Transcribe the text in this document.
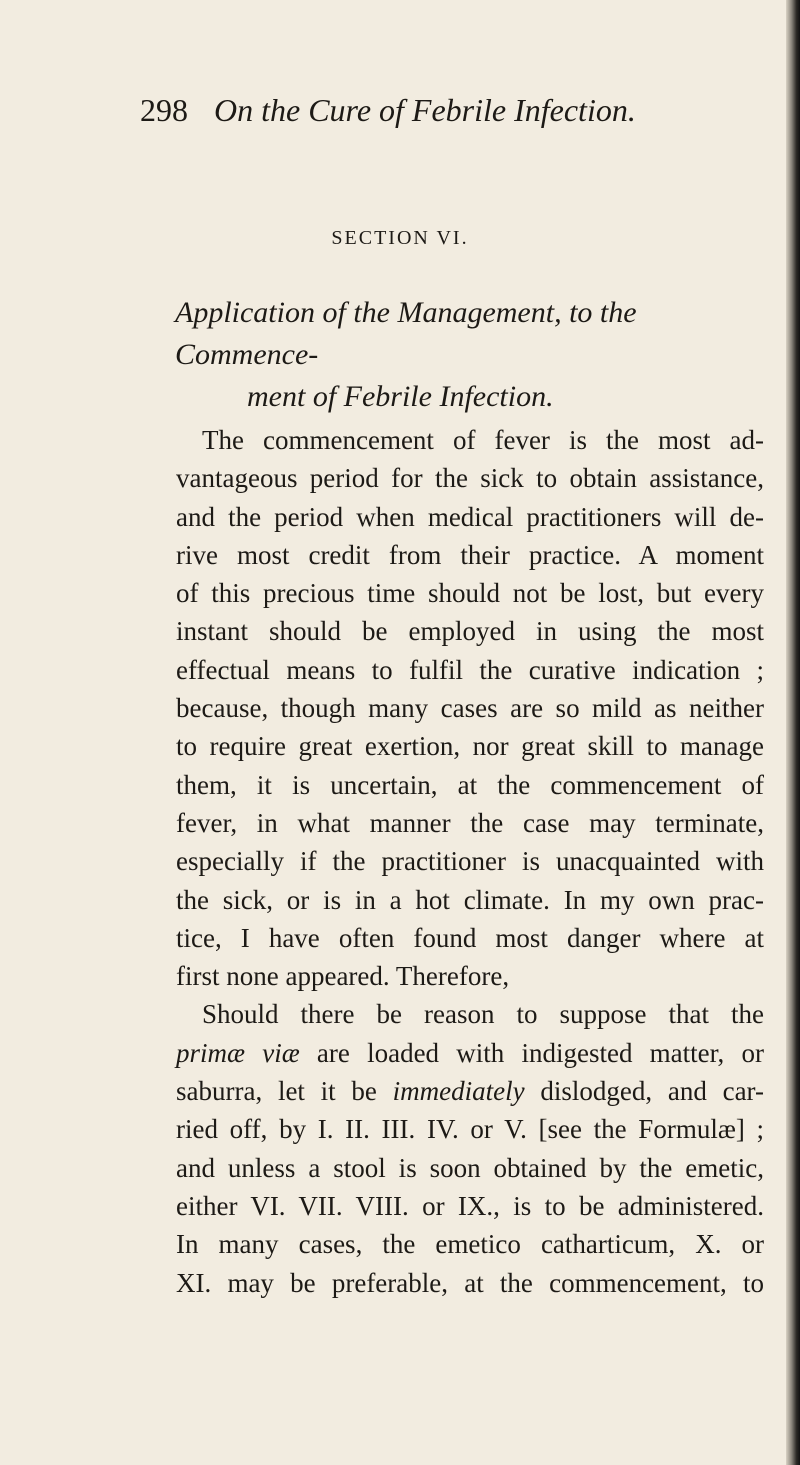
298 On the Cure of Febrile Infection.
SECTION VI.
Application of the Management, to the Commence-
ment of Febrile Infection.
The commencement of fever is the most ad-
vantageous period for the sick to obtain assistance,
and the period when medical practitioners will de-
rive most credit from their practice. A moment
of this precious time should not be lost, but every
instant should be employed in using the most
effectual means to fulfil the curative indication ;
because, though many cases are so mild as neither
to require great exertion, nor great skill to manage
them, it is uncertain, at the commencement of
fever, in what manner the case may terminate,
especially if the practitioner is unacquainted with
the sick, or is in a hot climate. In my own prac-
tice, I have often found most danger where at
first none appeared. Therefore,
Should there be reason to suppose that the
primæ viæ are loaded with indigested matter, or
saburra, let it be immediately dislodged, and car-
ried off, by I. II. III. IV. or V. [see the Formulæ] ;
and unless a stool is soon obtained by the emetic,
either VI. VII. VIII. or IX., is to be administered.
In many cases, the emetico catharticum, X. or
XI. may be preferable, at the commencement, to
